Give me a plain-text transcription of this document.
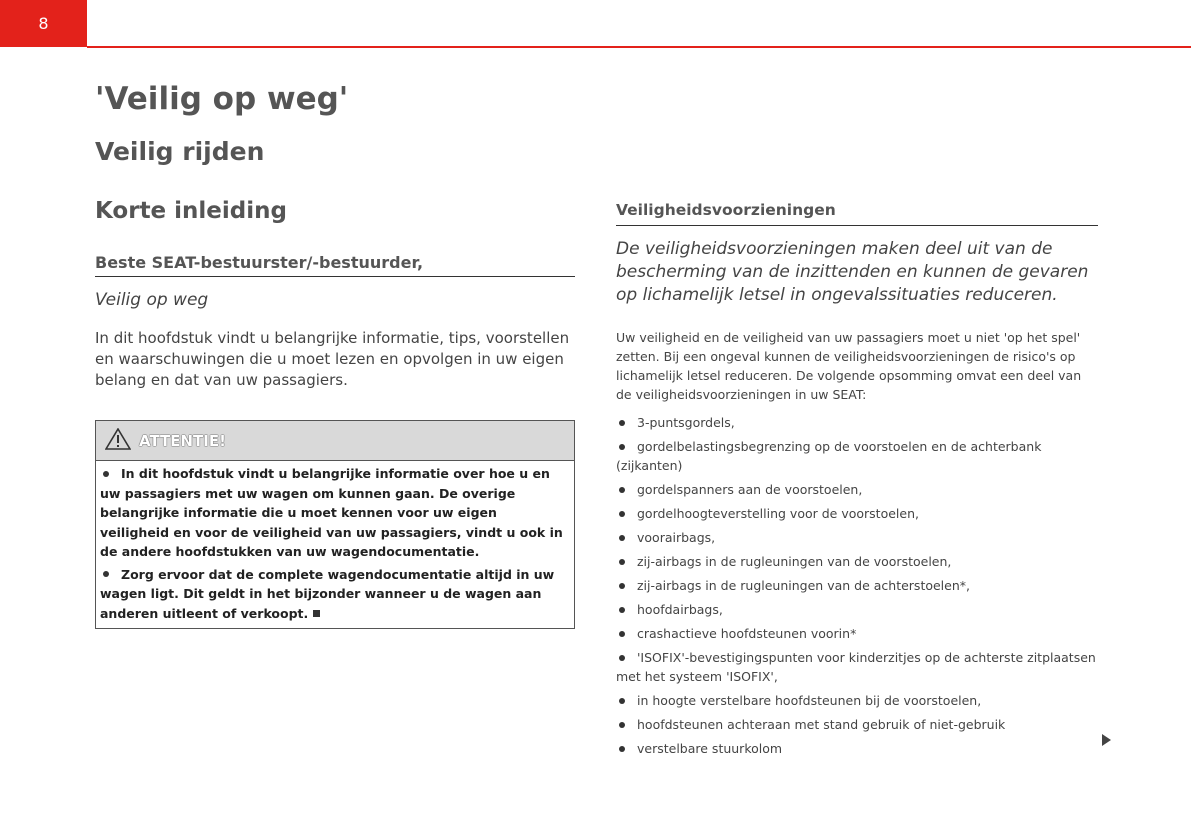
8
'Veilig op weg'
Veilig rijden
Korte inleiding
Beste SEAT-bestuurster/-bestuurder,

Veilig op weg

In dit hoofdstuk vindt u belangrijke informatie, tips, voorstellen en waarschuwingen die u moet lezen en opvolgen in uw eigen belang en dat van uw passagiers.

ATTENTIE!

In dit hoofdstuk vindt u belangrijke informatie over hoe u en uw passagiers met uw wagen om kunnen gaan. De overige belangrijke informatie die u moet kennen voor uw eigen veiligheid en voor de veiligheid van uw passagiers, vindt u ook in de andere hoofdstukken van uw wagendocumentatie.

Zorg ervoor dat de complete wagendocumentatie altijd in uw wagen ligt. Dit geldt in het bijzonder wanneer u de wagen aan anderen uitleent of verkoopt.

Veiligheidsvoorzieningen

De veiligheidsvoorzieningen maken deel uit van de bescherming van de inzittenden en kunnen de gevaren op lichamelijk letsel in ongevalssituaties reduceren.

Uw veiligheid en de veiligheid van uw passagiers moet u niet 'op het spel' zetten. Bij een ongeval kunnen de veiligheidsvoorzieningen de risico's op lichamelijk letsel reduceren. De volgende opsomming omvat een deel van de veiligheidsvoorzieningen in uw SEAT:

3-puntsgordels,
gordelbelastingsbegrenzing op de voorstoelen en de achterbank (zijkanten)
gordelspanners aan de voorstoelen,
gordelhoogteverstelling voor de voorstoelen,
voorairbags,
zij-airbags in de rugleuningen van de voorstoelen,
zij-airbags in de rugleuningen van de achterstoelen*,
hoofdairbags,
crashactieve hoofdsteunen voorin*
'ISOFIX'-bevestigingspunten voor kinderzitjes op de achterste zitplaatsen met het systeem 'ISOFIX',
in hoogte verstelbare hoofdsteunen bij de voorstoelen,
hoofdsteunen achteraan met stand gebruik of niet-gebruik
verstelbare stuurkolom
